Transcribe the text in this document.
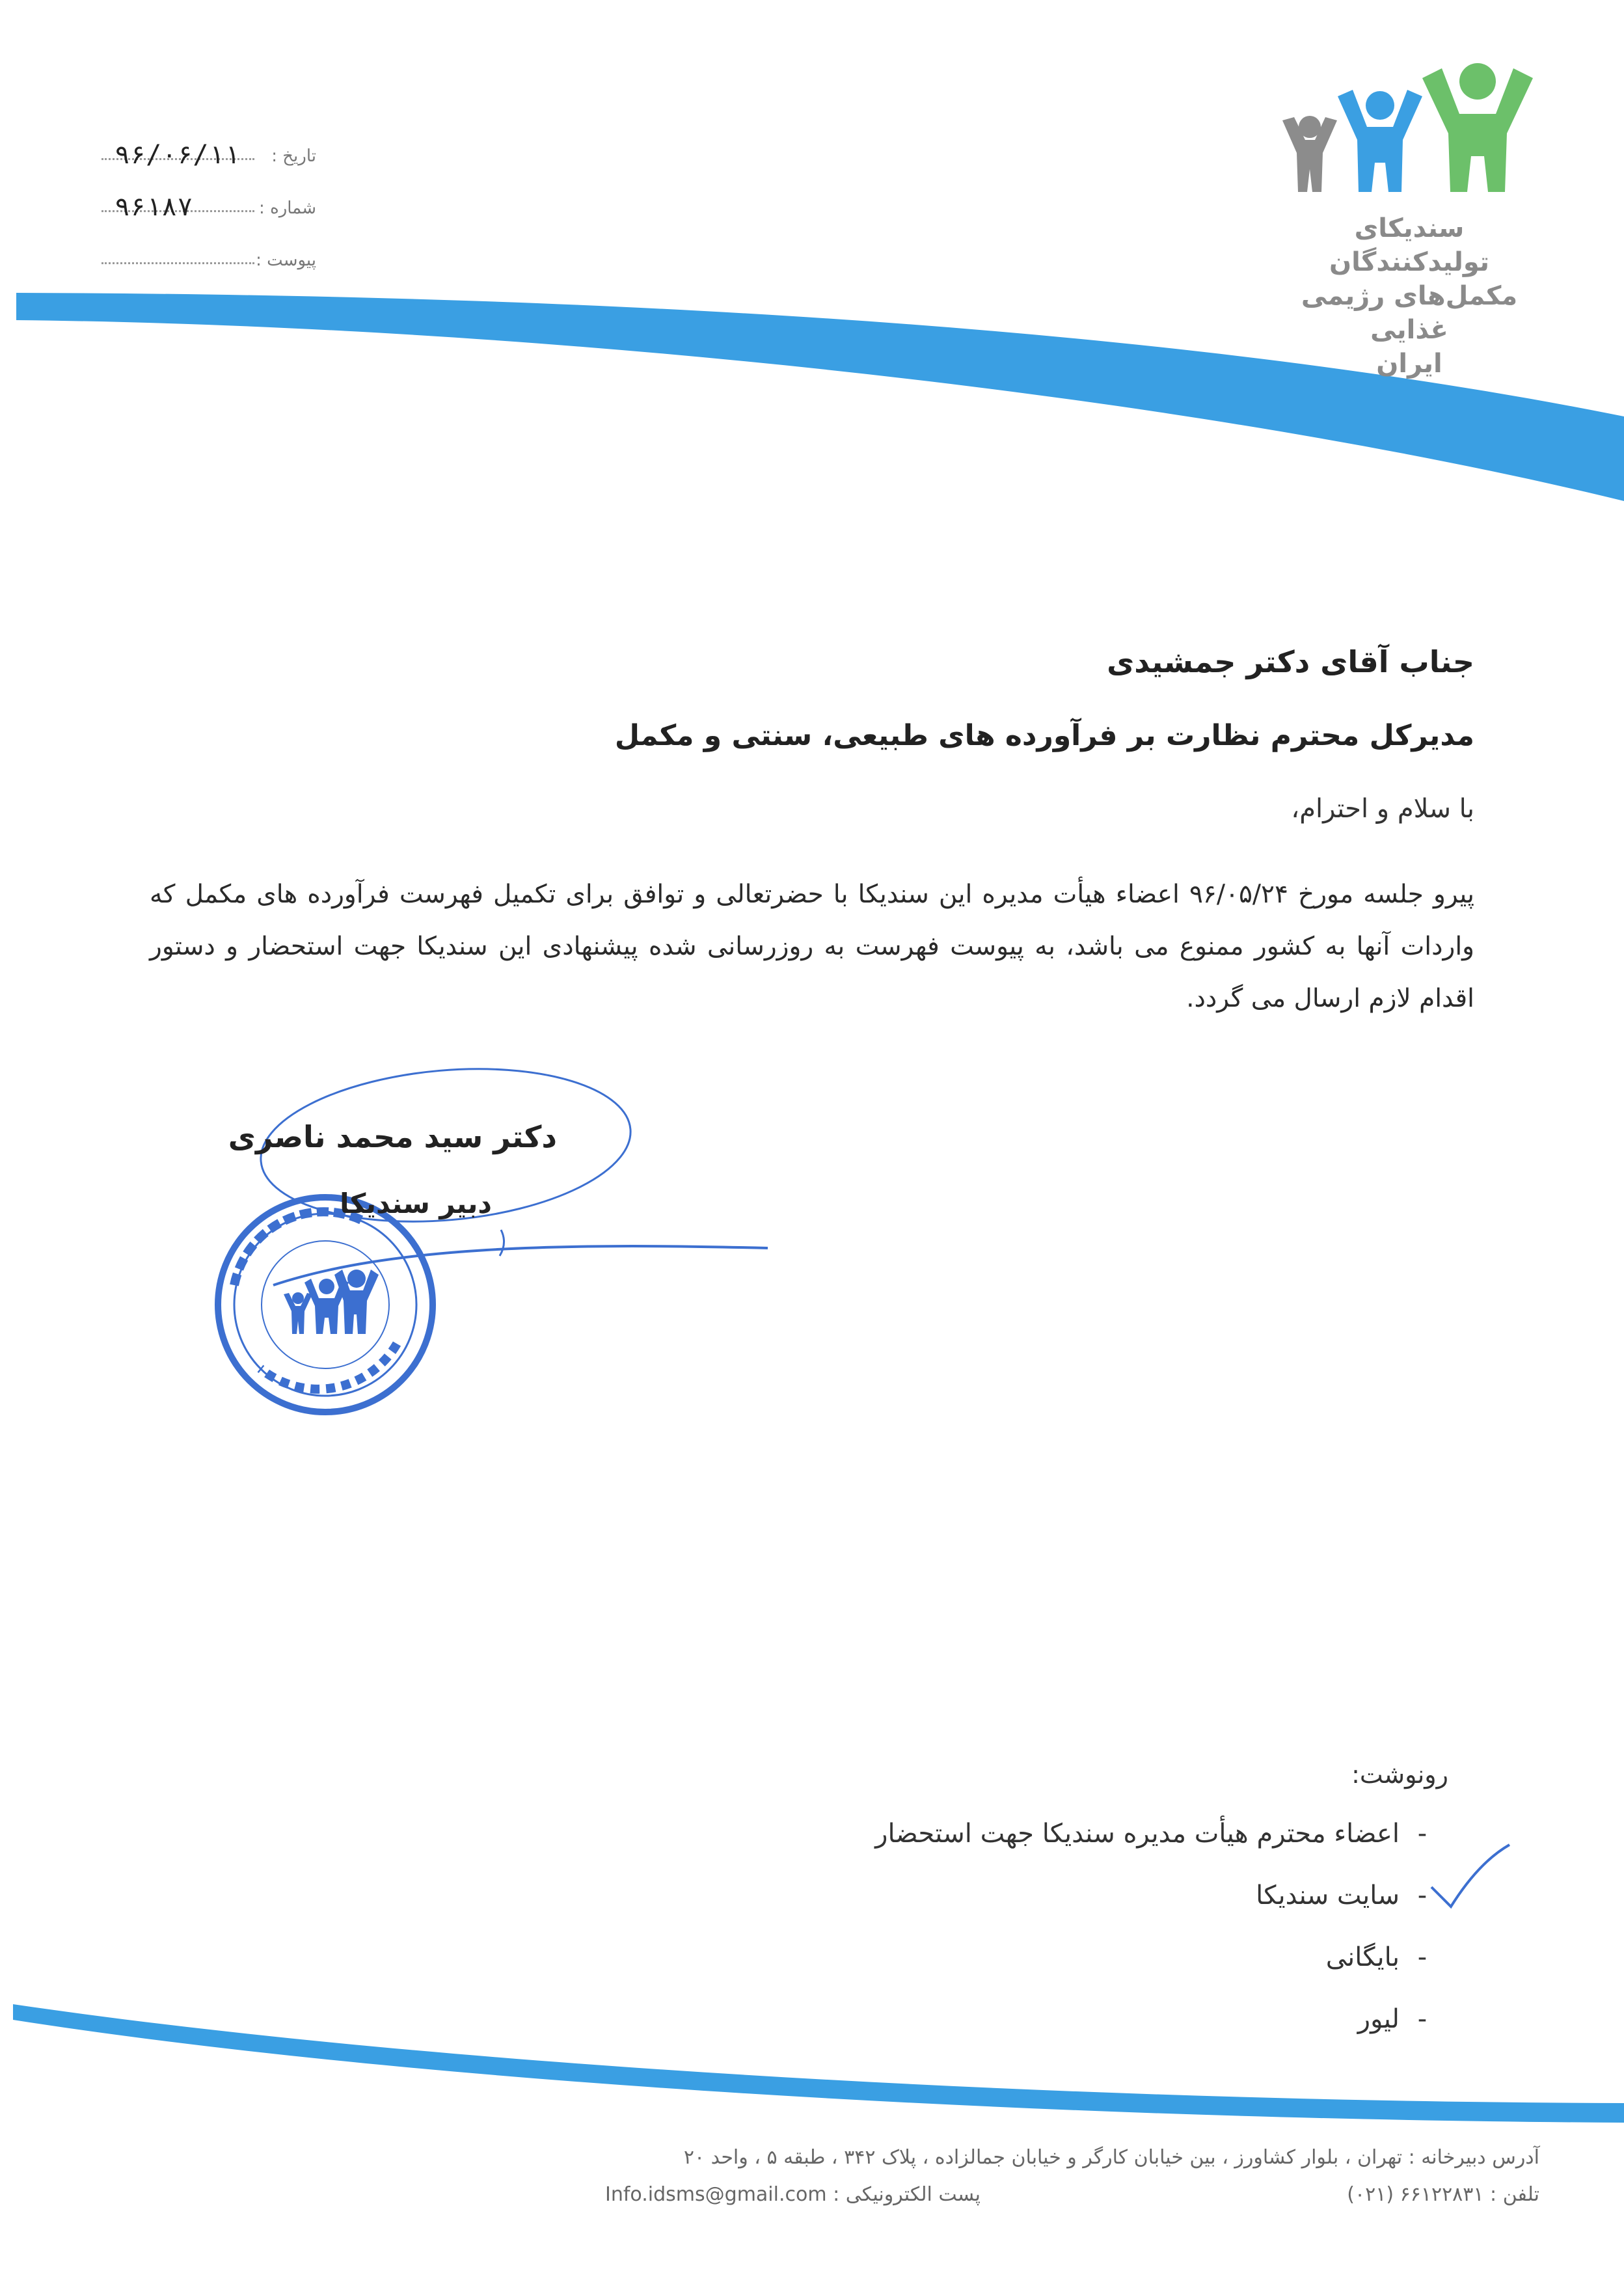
سندیکای تولیدکنندگان
مکمل‌های رژیمی غذایی
ایران
تاریخ :
۹۶/۰۶/۱۱
شماره :
۹۶۱۸۷
پیوست :
جناب آقای دکتر جمشیدی
مدیرکل محترم نظارت بر فرآورده های طبیعی، سنتی و مکمل
با سلام و احترام،
پیرو جلسه مورخ ۹۶/۰۵/۲۴ اعضاء هیأت مدیره این سندیکا با حضرتعالی و توافق برای تکمیل فهرست فرآورده های مکمل که واردات آنها به کشور ممنوع می باشد، به پیوست فهرست به روزرسانی شده پیشنهادی این سندیکا جهت استحضار و دستور اقدام لازم ارسال می گردد.
دکتر سید محمد ناصری
دبیر سندیکا
رونوشت:
-اعضاء محترم هیأت مدیره سندیکا جهت استحضار
-سایت سندیکا
-بایگانی
-لیور
آدرس دبیرخانه : تهران ، بلوار کشاورز ، بین خیابان کارگر و خیابان جمالزاده ، پلاک ۳۴۲ ، طبقه ۵ ، واحد ۲۰
تلفن : ۶۶۱۲۲۸۳۱ (۰۲۱)
پست الکترونیکی : Info.idsms@gmail.com
